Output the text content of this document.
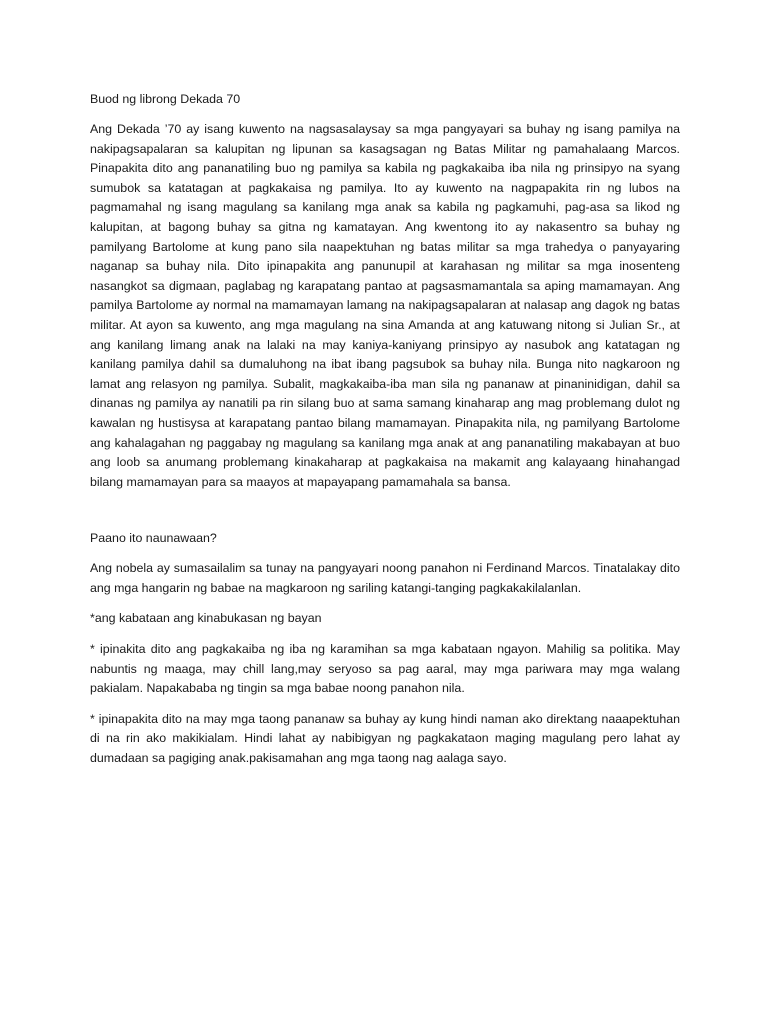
Buod ng librong Dekada 70

Ang Dekada ’70 ay isang kuwento na nagsasalaysay sa mga pangyayari sa buhay ng isang pamilya na nakipagsapalaran sa kalupitan ng lipunan sa kasagsagan ng Batas Militar ng pamahalaang Marcos. Pinapakita dito ang pananatiling buo ng pamilya sa kabila ng pagkakaiba iba nila ng prinsipyo na syang sumubok sa katatagan at pagkakaisa ng pamilya. Ito ay kuwento na nagpapakita rin ng lubos na pagmamahal ng isang magulang sa kanilang mga anak sa kabila ng pagkamuhi, pag-asa sa likod ng kalupitan, at bagong buhay sa gitna ng kamatayan. Ang kwentong ito ay nakasentro sa buhay ng pamilyang Bartolome at kung pano sila naapektuhan ng batas militar sa mga trahedya o panyayaring naganap sa buhay nila. Dito ipinapakita ang panunupil at karahasan ng militar sa mga inosenteng nasangkot sa digmaan, paglabag ng karapatang pantao at pagsasmamantala sa aping mamamayan. Ang pamilya Bartolome ay normal na mamamayan lamang na nakipagsapalaran at nalasap ang dagok ng batas militar. At ayon sa kuwento, ang mga magulang na sina Amanda at ang katuwang nitong si Julian Sr., at ang kanilang limang anak na lalaki na may kaniya-kaniyang prinsipyo ay nasubok ang katatagan ng kanilang pamilya dahil sa dumaluhong na ibat ibang pagsubok sa buhay nila. Bunga nito nagkaroon ng lamat ang relasyon ng pamilya. Subalit, magkakaiba-iba man sila ng pananaw at pinaninidigan, dahil sa dinanas ng pamilya ay nanatili pa rin silang buo at sama samang kinaharap ang mag problemang dulot ng kawalan ng hustisysa at karapatang pantao bilang mamamayan. Pinapakita nila, ng pamilyang Bartolome ang kahalagahan ng paggabay ng magulang sa kanilang mga anak at ang pananatiling makabayan at buo ang loob sa anumang problemang kinakaharap at pagkakaisa na makamit ang kalayaang hinahangad bilang mamamayan para sa maayos at mapayapang pamamahala sa bansa.

Paano ito naunawaan?

Ang nobela ay sumasailalim sa tunay na pangyayari noong panahon ni Ferdinand Marcos. Tinatalakay dito ang mga hangarin ng babae na magkaroon ng sariling katangi-tanging pagkakakilalanlan.

*ang kabataan ang kinabukasan ng bayan

* ipinakita dito ang pagkakaiba ng iba ng karamihan sa mga kabataan ngayon. Mahilig sa politika. May nabuntis ng maaga, may chill lang,may seryoso sa pag aaral, may mga pariwara may mga walang pakialam. Napakababa ng tingin sa mga babae noong panahon nila.

* ipinapakita dito na may mga taong pananaw sa buhay ay kung hindi naman ako direktang naaapektuhan di na rin ako makikialam. Hindi lahat ay nabibigyan ng pagkakataon maging magulang pero lahat ay dumadaan sa pagiging anak.pakisamahan ang mga taong nag aalaga sayo.
